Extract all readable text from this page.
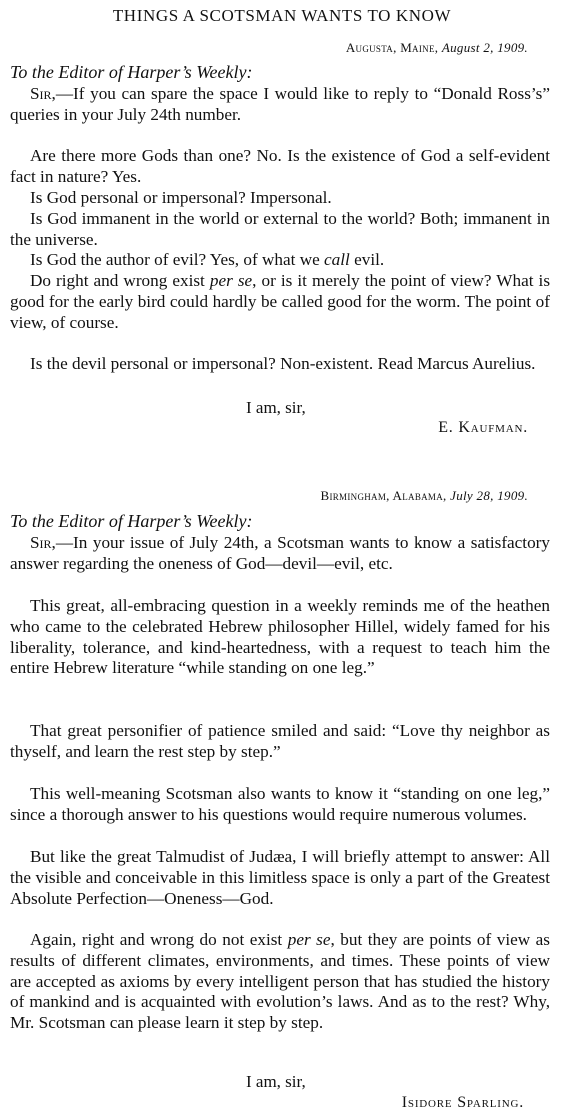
THINGS A SCOTSMAN WANTS TO KNOW
Augusta, Maine, August 2, 1909.
To the Editor of Harper’s Weekly:

Sir,—If you can spare the space I would like to reply to “Donald Ross’s” queries in your July 24th number.

Are there more Gods than one? No. Is the existence of God a self-evident fact in nature? Yes.

Is God personal or impersonal? Impersonal.

Is God immanent in the world or external to the world? Both; immanent in the universe.

Is God the author of evil? Yes, of what we call evil.

Do right and wrong exist per se, or is it merely the point of view? What is good for the early bird could hardly be called good for the worm. The point of view, of course.

Is the devil personal or impersonal? Non-existent. Read Marcus Aurelius.

I am, sir,
E. Kaufman.
Birmingham, Alabama, July 28, 1909.
To the Editor of Harper’s Weekly:

Sir,—In your issue of July 24th, a Scotsman wants to know a satisfactory answer regarding the oneness of God—devil—evil, etc.

This great, all-embracing question in a weekly reminds me of the heathen who came to the celebrated Hebrew philosopher Hillel, widely famed for his liberality, tolerance, and kind-heartedness, with a request to teach him the entire Hebrew literature “while standing on one leg.”

That great personifier of patience smiled and said: “Love thy neighbor as thyself, and learn the rest step by step.”

This well-meaning Scotsman also wants to know it “standing on one leg,” since a thorough answer to his questions would require numerous volumes.

But like the great Talmudist of Judæa, I will briefly attempt to answer: All the visible and conceivable in this limitless space is only a part of the Greatest Absolute Perfection—Oneness—God.

Again, right and wrong do not exist per se, but they are points of view as results of different climates, environments, and times. These points of view are accepted as axioms by every intelligent person that has studied the history of mankind and is acquainted with evolution’s laws. And as to the rest? Why, Mr. Scotsman can please learn it step by step.

I am, sir,
Isidore Sparling.
